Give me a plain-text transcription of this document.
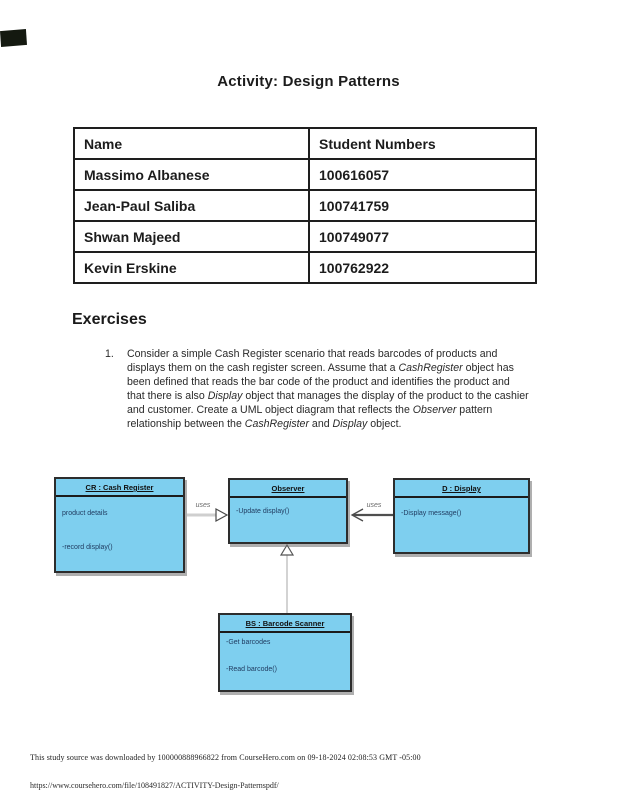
Activity: Design Patterns
Name	Student Numbers
Massimo Albanese	100616057
Jean-Paul Saliba	100741759
Shwan Majeed	100749077
Kevin Erskine	100762922
Exercises
1.	Consider a simple Cash Register scenario that reads barcodes of products and displays them on the cash register screen. Assume that a CashRegister object has been defined that reads the bar code of the product and identifies the product and that there is also Display object that manages the display of the product to the cashier and customer. Create a UML object diagram that reflects the Observer pattern relationship between the CashRegister and Display object.
uses	uses
CR : Cash Register
product details
-record display()
Observer
-Update display()
D : Display
-Display message()
BS : Barcode Scanner
-Get barcodes
-Read barcode()
This study source was downloaded by 100000888966822 from CourseHero.com on 09-18-2024 02:08:53 GMT -05:00
https://www.coursehero.com/file/108491827/ACTIVITY-Design-Patternspdf/
